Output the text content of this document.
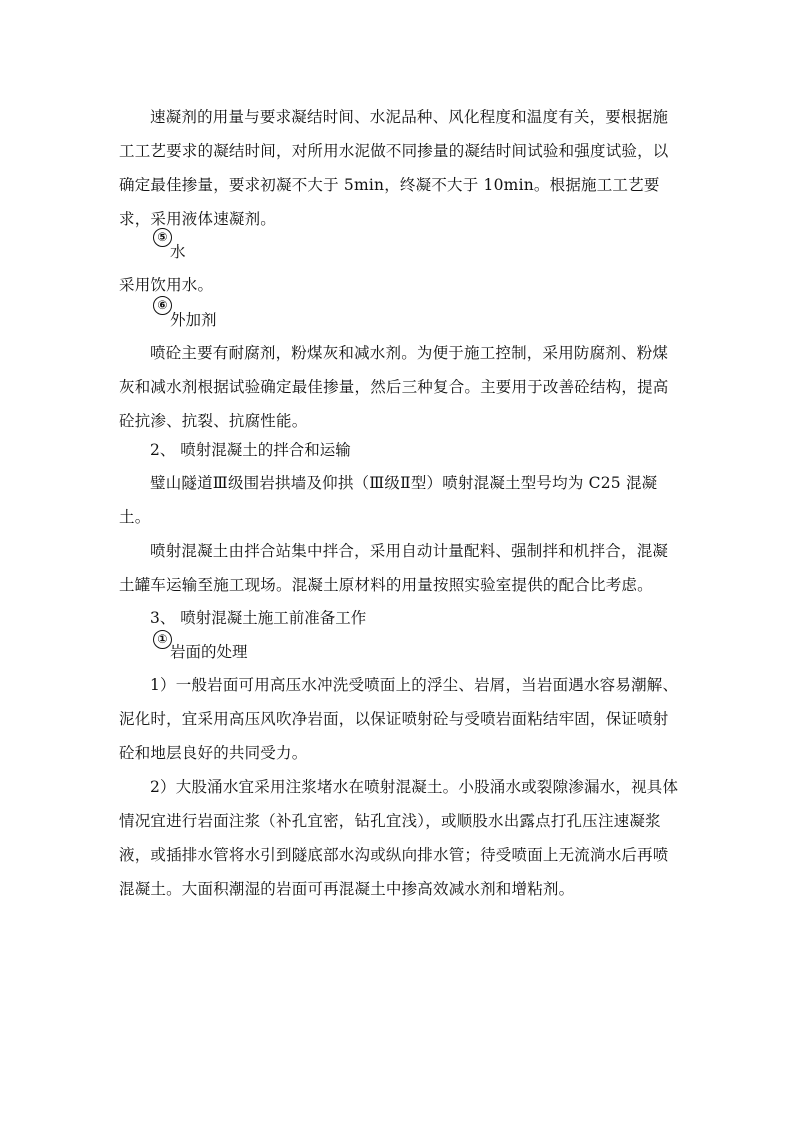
速凝剂的用量与要求凝结时间、水泥品种、风化程度和温度有关，要根据施工工艺要求的凝结时间，对所用水泥做不同掺量的凝结时间试验和强度试验，以确定最佳掺量，要求初凝不大于 5min，终凝不大于 10min。根据施工工艺要求，采用液体速凝剂。
⑤
水
采用饮用水。
⑥
外加剂
喷砼主要有耐腐剂，粉煤灰和减水剂。为便于施工控制，采用防腐剂、粉煤灰和减水剂根据试验确定最佳掺量，然后三种复合。主要用于改善砼结构，提高砼抗渗、抗裂、抗腐性能。
2、 喷射混凝土的拌合和运输
璧山隧道Ⅲ级围岩拱墙及仰拱（Ⅲ级Ⅱ型）喷射混凝土型号均为 C25 混凝土。
喷射混凝土由拌合站集中拌合，采用自动计量配料、强制拌和机拌合，混凝土罐车运输至施工现场。混凝土原材料的用量按照实验室提供的配合比考虑。
3、 喷射混凝土施工前准备工作
①
岩面的处理
1）一般岩面可用高压水冲洗受喷面上的浮尘、岩屑，当岩面遇水容易潮解、泥化时，宜采用高压风吹净岩面，以保证喷射砼与受喷岩面粘结牢固，保证喷射砼和地层良好的共同受力。
2）大股涌水宜采用注浆堵水在喷射混凝土。小股涌水或裂隙渗漏水，视具体情况宜进行岩面注浆（补孔宜密，钻孔宜浅），或顺股水出露点打孔压注速凝浆液，或插排水管将水引到隧底部水沟或纵向排水管；待受喷面上无流淌水后再喷混凝土。大面积潮湿的岩面可再混凝土中掺高效减水剂和增粘剂。
